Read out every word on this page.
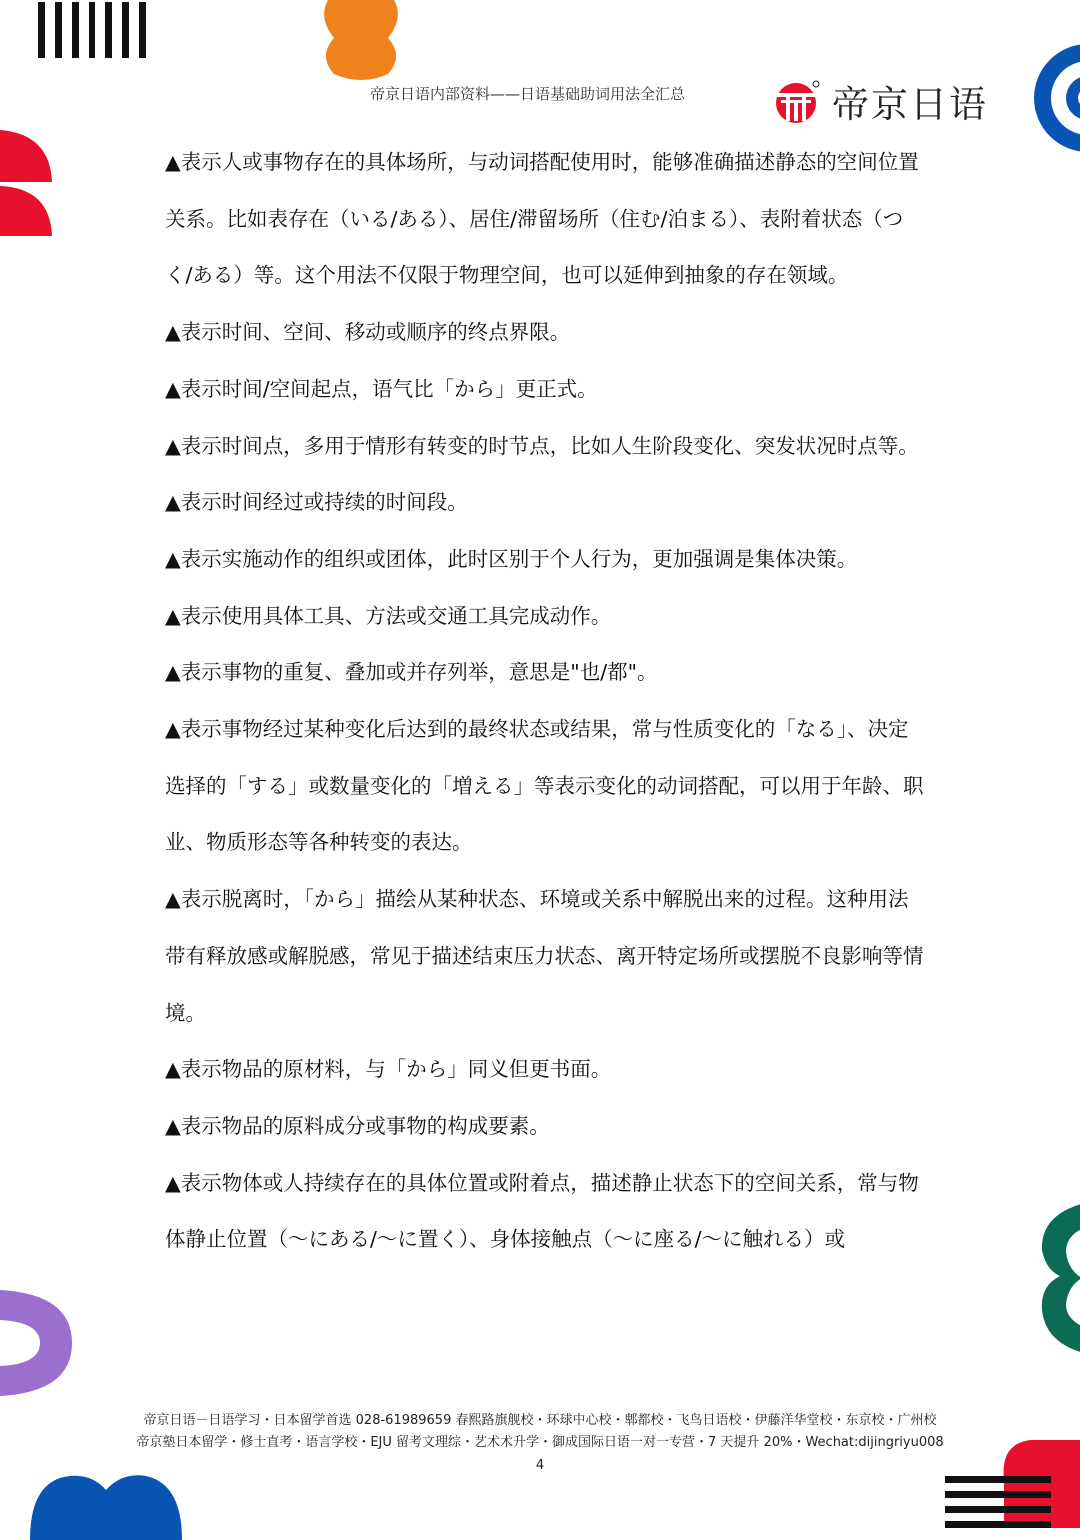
帝京日语内部资料——日语基础助词用法全汇总	帝京日语

▲表示人或事物存在的具体场所，与动词搭配使用时，能够准确描述静态的空间位置关系。比如表存在（いる/ある）、居住/滞留场所（住む/泊まる）、表附着状态（つく/ある）等。这个用法不仅限于物理空间，也可以延伸到抽象的存在领域。

▲表示时间、空间、移动或顺序的终点界限。

▲表示时间/空间起点，语气比「から」更正式。

▲表示时间点，多用于情形有转变的时节点，比如人生阶段变化、突发状况时点等。

▲表示时间经过或持续的时间段。

▲表示实施动作的组织或团体，此时区别于个人行为，更加强调是集体决策。

▲表示使用具体工具、方法或交通工具完成动作。

▲表示事物的重复、叠加或并存列举，意思是"也/都"。

▲表示事物经过某种变化后达到的最终状态或结果，常与性质变化的「なる」、决定选择的「する」或数量变化的「増える」等表示变化的动词搭配，可以用于年龄、职业、物质形态等各种转变的表达。

▲表示脱离时，「から」描绘从某种状态、环境或关系中解脱出来的过程。这种用法带有释放感或解脱感，常见于描述结束压力状态、离开特定场所或摆脱不良影响等情境。

▲表示物品的原材料，与「から」同义但更书面。

▲表示物品的原料成分或事物的构成要素。

▲表示物体或人持续存在的具体位置或附着点，描述静止状态下的空间关系，常与物体静止位置（～にある/～に置く）、身体接触点（～に座る/～に触れる）或

帝京日语－日语学习・日本留学首选 028-61989659 春熙路旗舰校・环球中心校・郫都校・飞鸟日语校・伊藤洋华堂校・东京校・广州校
帝京塾日本留学・修士直考・语言学校・EJU 留考文理综・艺术术升学・御成国际日语一对一专营・7 天提升 20%・Wechat:dijingriyu008
4
